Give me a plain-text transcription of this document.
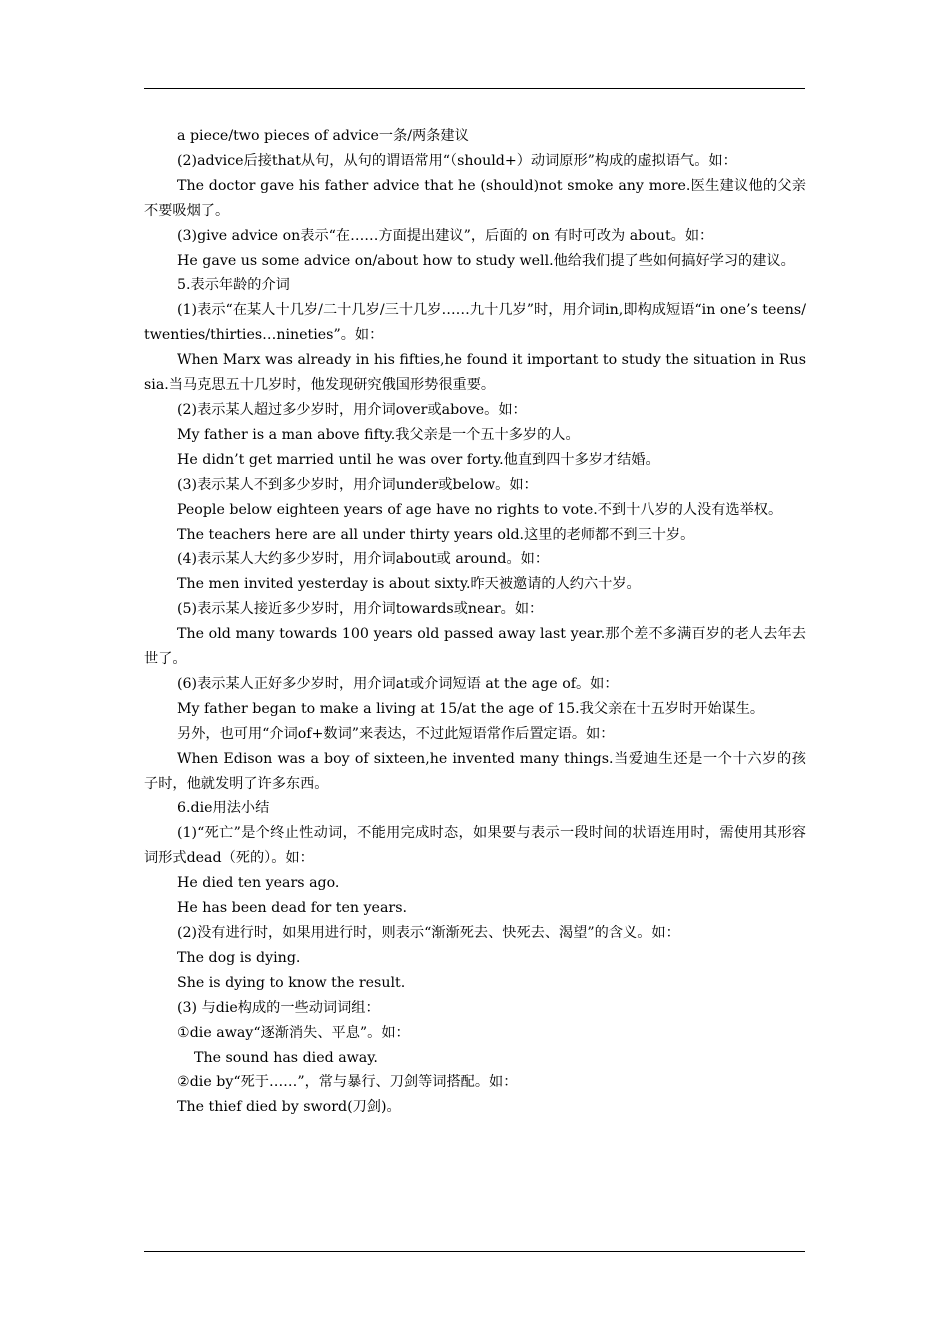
a piece/two pieces of advice一条/两条建议

(2)advice后接that从句，从句的谓语常用“（should+）动词原形”构成的虚拟语气。如：

The doctor gave his father advice that he (should)not smoke any more.医生建议他的父亲不要吸烟了。

(3)give advice on表示“在……方面提出建议”，后面的 on 有时可改为 about。如：

He gave us some advice on/about how to study well.他给我们提了些如何搞好学习的建议。

5.表示年龄的介词

(1)表示“在某人十几岁/二十几岁/三十几岁……九十几岁”时，用介词in,即构成短语“in one’s teens/twenties/thirties…nineties”。如：

When Marx was already in his fifties,he found it important to study the situation in Russia.当马克思五十几岁时，他发现研究俄国形势很重要。

(2)表示某人超过多少岁时，用介词over或above。如：

My father is a man above fifty.我父亲是一个五十多岁的人。

He didn’t get married until he was over forty.他直到四十多岁才结婚。

(3)表示某人不到多少岁时，用介词under或below。如：

People below eighteen years of age have no rights to vote.不到十八岁的人没有选举权。

The teachers here are all under thirty years old.这里的老师都不到三十岁。

(4)表示某人大约多少岁时，用介词about或 around。如：

The men invited yesterday is about sixty.昨天被邀请的人约六十岁。

(5)表示某人接近多少岁时，用介词towards或near。如：

The old many towards 100 years old passed away last year.那个差不多满百岁的老人去年去世了。

(6)表示某人正好多少岁时，用介词at或介词短语 at the age of。如：

My father began to make a living at 15/at the age of 15.我父亲在十五岁时开始谋生。

另外，也可用“介词of+数词”来表达，不过此短语常作后置定语。如：

When Edison was a boy of sixteen,he invented many things.当爱迪生还是一个十六岁的孩子时，他就发明了许多东西。

6.die用法小结

(1)“死亡”是个终止性动词，不能用完成时态，如果要与表示一段时间的状语连用时，需使用其形容词形式dead（死的）。如：

He died ten years ago.

He has been dead for ten years.

(2)没有进行时，如果用进行时，则表示“渐渐死去、快死去、渴望”的含义。如：

The dog is dying.

She is dying to know the result.

(3) 与die构成的一些动词词组：

①die away“逐渐消失、平息”。如：

The sound has died away.

②die by“死于……”，常与暴行、刀剑等词搭配。如：

The thief died by sword(刀剑)。
